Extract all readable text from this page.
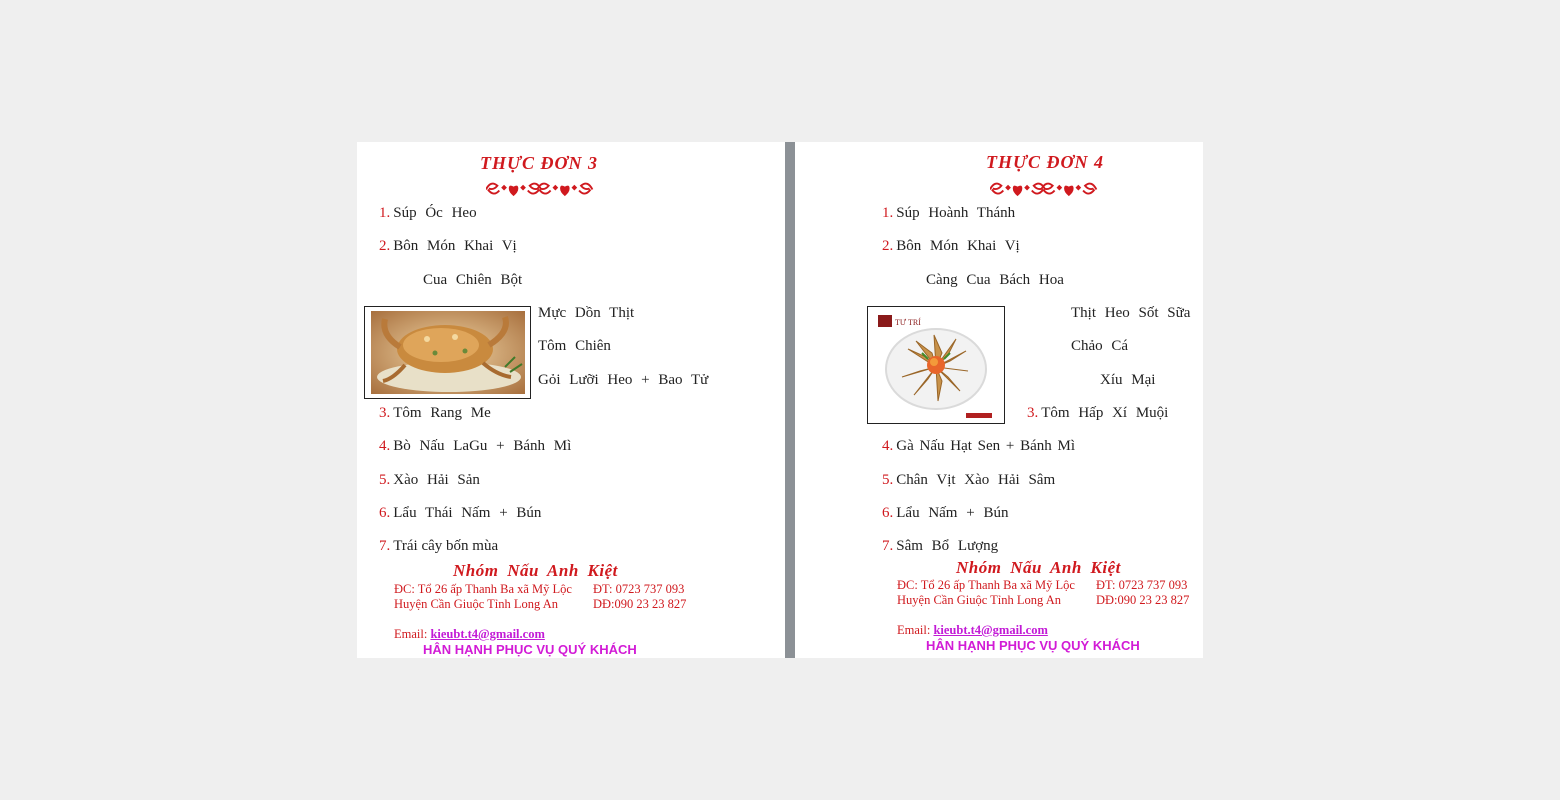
THỰC ĐƠN 3
1. Súp Óc Heo
2. Bôn Món Khai Vị
Cua Chiên Bột
Mực Dồn Thịt
Tôm Chiên
Gỏi Lưỡi Heo + Bao Tử
3. Tôm Rang Me
4. Bò Nấu LaGu + Bánh Mì
5. Xào Hải Sản
6. Lẩu Thái Nấm + Bún
7. Trái cây bốn mùa
Nhóm Nấu Anh Kiệt
ĐC: Tổ 26 ấp Thanh Ba xã Mỹ Lộc ĐT: 0723 737 093
Huyện Cần Giuộc Tỉnh Long An	DĐ:090 23 23 827
Email: kieubt.t4@gmail.com
HÂN HẠNH PHỤC VỤ QUÝ KHÁCH
THỰC ĐƠN 4
1. Súp Hoành Thánh
2. Bôn Món Khai Vị
Càng Cua Bách Hoa
TƯ TRÍ
Thịt Heo Sốt Sữa
Chảo Cá
Xíu Mại
3. Tôm Hấp Xí Muội
4. Gà Nấu Hạt Sen + Bánh Mì
5. Chân Vịt Xào Hải Sâm
6. Lẩu Nấm + Bún
7. Sâm Bổ Lượng
Nhóm Nấu Anh Kiệt
ĐC: Tổ 26 ấp Thanh Ba xã Mỹ Lộc ĐT: 0723 737 093
Huyện Cần Giuộc Tỉnh Long An	DĐ:090 23 23 827
Email: kieubt.t4@gmail.com
HÂN HẠNH PHỤC VỤ QUÝ KHÁCH
